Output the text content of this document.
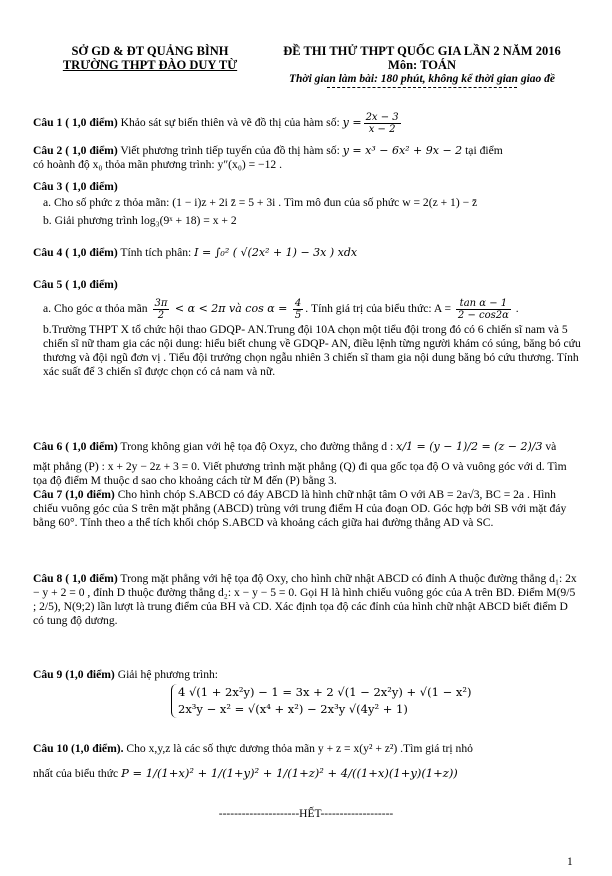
SỞ GD & ĐT QUẢNG BÌNH
TRƯỜNG THPT ĐÀO DUY TỪ
ĐỀ THI THỬ THPT QUỐC GIA LẦN 2 NĂM 2016
Môn: TOÁN
Thời gian làm bài: 180 phút, không kể thời gian giao đề
Câu 1 ( 1,0 điểm) Khảo sát sự biến thiên và vẽ đồ thị của hàm số: $y = \frac{2x - 3}{x - 2}$
Câu 2 ( 1,0 điểm) Viết phương trình tiếp tuyến của đồ thị hàm số: y = x³ − 6x² + 9x − 2 tại điểm
có hoành độ x₀ thỏa mãn phương trình: y″(x₀) = −12 .
Câu 3 ( 1,0 điểm)
a. Cho số phức z thỏa mãn: (1 − i)z + 2i z̄ = 5 + 3i . Tìm mô đun của số phức w = 2(z + 1) − z̄
b. Giải phương trình log₃(9ˣ + 18) = x + 2
Câu 4 ( 1,0 điểm) Tính tích phân: I = ∫₀² ( √(2x² + 1) − 3x ) xdx
Câu 5 ( 1,0 điểm)
a. Cho góc α thỏa mãn $\frac{3\pi}{2} < \alpha < 2\pi$ và $\cos \alpha = \frac{4}{5}$ . Tính giá trị của biểu thức: $A = \frac{\text{tan α − 1}}{2 - \cos 2\alpha}$ .
b.Trường THPT X tổ chức hội thao GDQP- AN.Trung đội 10A chọn một tiểu đội trong đó có 6 chiến sĩ nam và 5 chiến sĩ nữ tham gia các nội dung: hiểu biết chung về GDQP- AN, điều lệnh từng người khám có súng, băng bó cứu thương và đội ngũ đơn vị . Tiểu đội trưởng chọn ngẫu nhiên 3 chiến sĩ tham gia nội dung băng bó cứu thương. Tính xác suất để 3 chiến sĩ được chọn có cả nam và nữ.
Câu 6 ( 1,0 điểm) Trong không gian với hệ tọa độ Oxyz, cho đường thẳng d : x/1 = (y − 1)/2 = (z − 2)/3 và
mặt phẳng (P) : x + 2y − 2z + 3 = 0. Viết phương trình mặt phẳng (Q) đi qua gốc tọa độ O và vuông góc với d. Tìm tọa độ điểm M thuộc d sao cho khoảng cách từ M đến (P) bằng 3.
Câu 7 (1,0 điểm) Cho hình chóp S.ABCD có đáy ABCD là hình chữ nhật tâm O với AB = 2a√3, BC = 2a . Hình chiếu vuông góc của S trên mặt phẳng (ABCD) trùng với trung điểm H của đoạn OD. Góc hợp bởi SB với mặt đáy bằng 60°. Tính theo a thể tích khối chóp S.ABCD và khoảng cách giữa hai đường thẳng AD và SC.
Câu 8 ( 1,0 điểm) Trong mặt phẳng với hệ tọa độ Oxy, cho hình chữ nhật ABCD có đỉnh A thuộc đường thẳng d₁: 2x − y + 2 = 0 , đỉnh D thuộc đường thẳng d₂: x − y − 5 = 0. Gọi H là hình chiếu vuông góc của A trên BD. Điểm M(9/5 ; 2/5), N(9;2) lần lượt là trung điểm của BH và CD. Xác định tọa độ các đỉnh của hình chữ nhật ABCD biết điểm D có tung độ dương.
Câu 9 (1,0 điểm) Giải hệ phương trình:
4 √(1 + 2x²y) − 1 = 3x + 2 √(1 − 2x²y) + √(1 − x²)
2x³y − x² = √(x⁴ + x²) − 2x³y √(4y² + 1)
Câu 10 (1,0 điểm). Cho x,y,z là các số thực dương thỏa mãn y + z = x(y² + z²) .Tìm giá trị nhỏ
nhất của biểu thức P = 1/(1+x)² + 1/(1+y)² + 1/(1+z)² + 4/((1+x)(1+y)(1+z))
---------------------HẾT-------------------
1
